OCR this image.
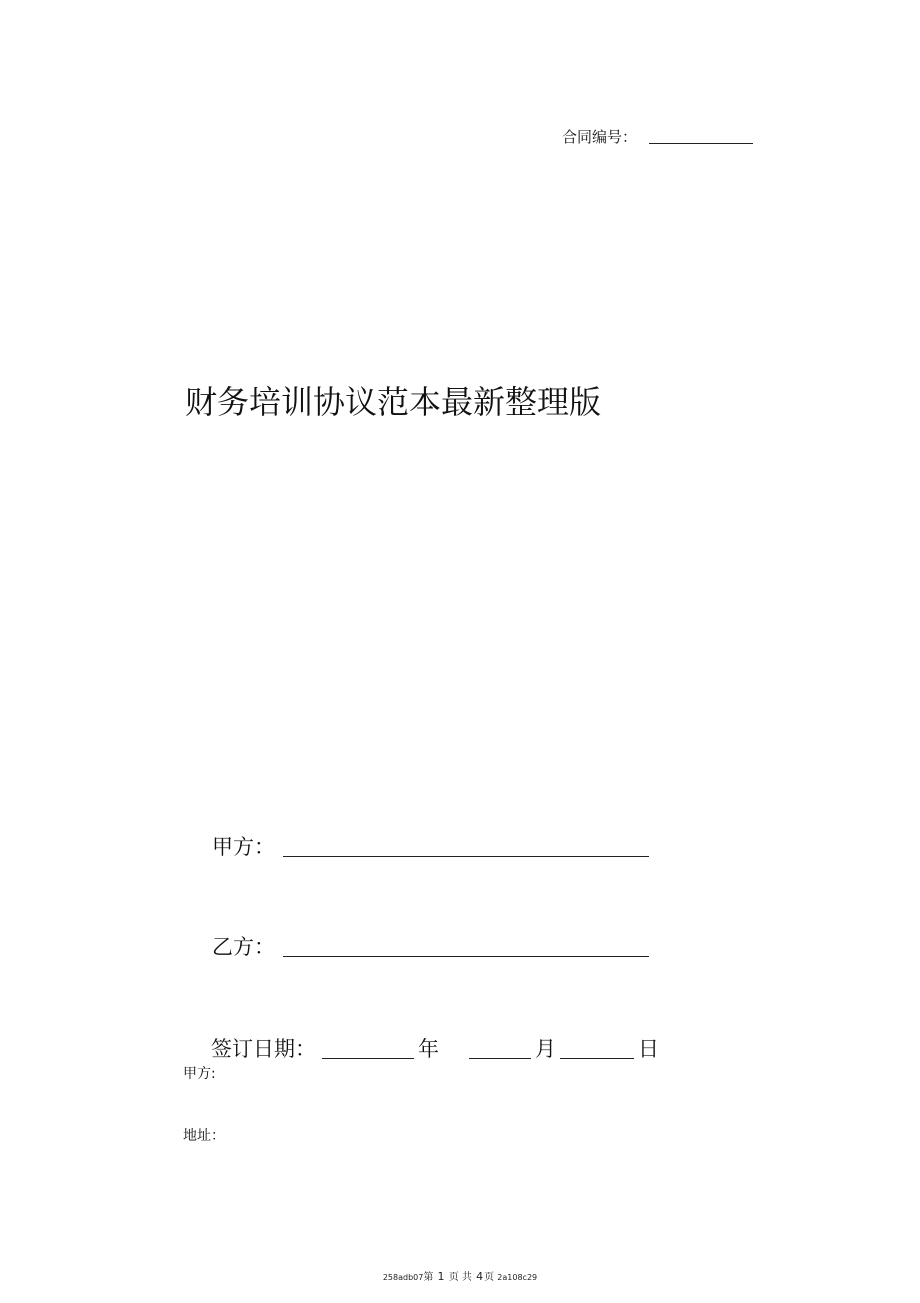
合同编号：
财务培训协议范本最新整理版
甲方：
乙方：
签订日期：	年	月	日
甲方:
地址：
258adb07第 1 页 共 4页 2a108c29
